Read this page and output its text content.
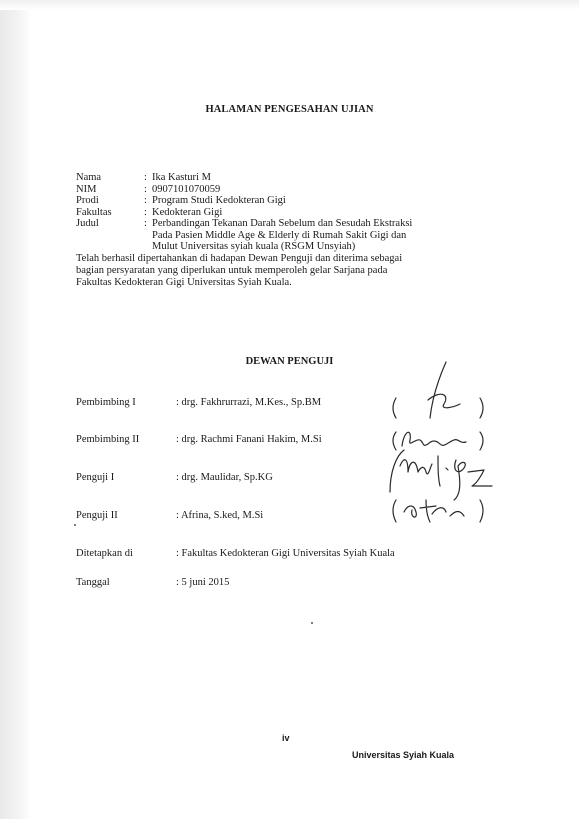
HALAMAN PENGESAHAN UJIAN
Nama	: Ika Kasturi M
NIM	: 0907101070059
Prodi	: Program Studi Kedokteran Gigi
Fakultas	: Kedokteran Gigi
Judul	: Perbandingan Tekanan Darah Sebelum dan Sesudah Ekstraksi
Pada Pasien Middle Age & Elderly di Rumah Sakit Gigi dan
Mulut Universitas syiah kuala (RSGM Unsyiah)
Telah berhasil dipertahankan di hadapan Dewan Penguji dan diterima sebagai
bagian persyaratan yang diperlukan untuk memperoleh gelar Sarjana pada
Fakultas Kedokteran Gigi Universitas Syiah Kuala.
DEWAN PENGUJI
Pembimbing I	: drg. Fakhrurrazi, M.Kes., Sp.BM
Pembimbing II	: drg. Rachmi Fanani Hakim, M.Si
Penguji I	: drg. Maulidar, Sp.KG
Penguji II	: Afrina, S.ked, M.Si
Ditetapkan di	: Fakultas Kedokteran Gigi Universitas Syiah Kuala
Tanggal	: 5 juni 2015
iv
Universitas Syiah Kuala
